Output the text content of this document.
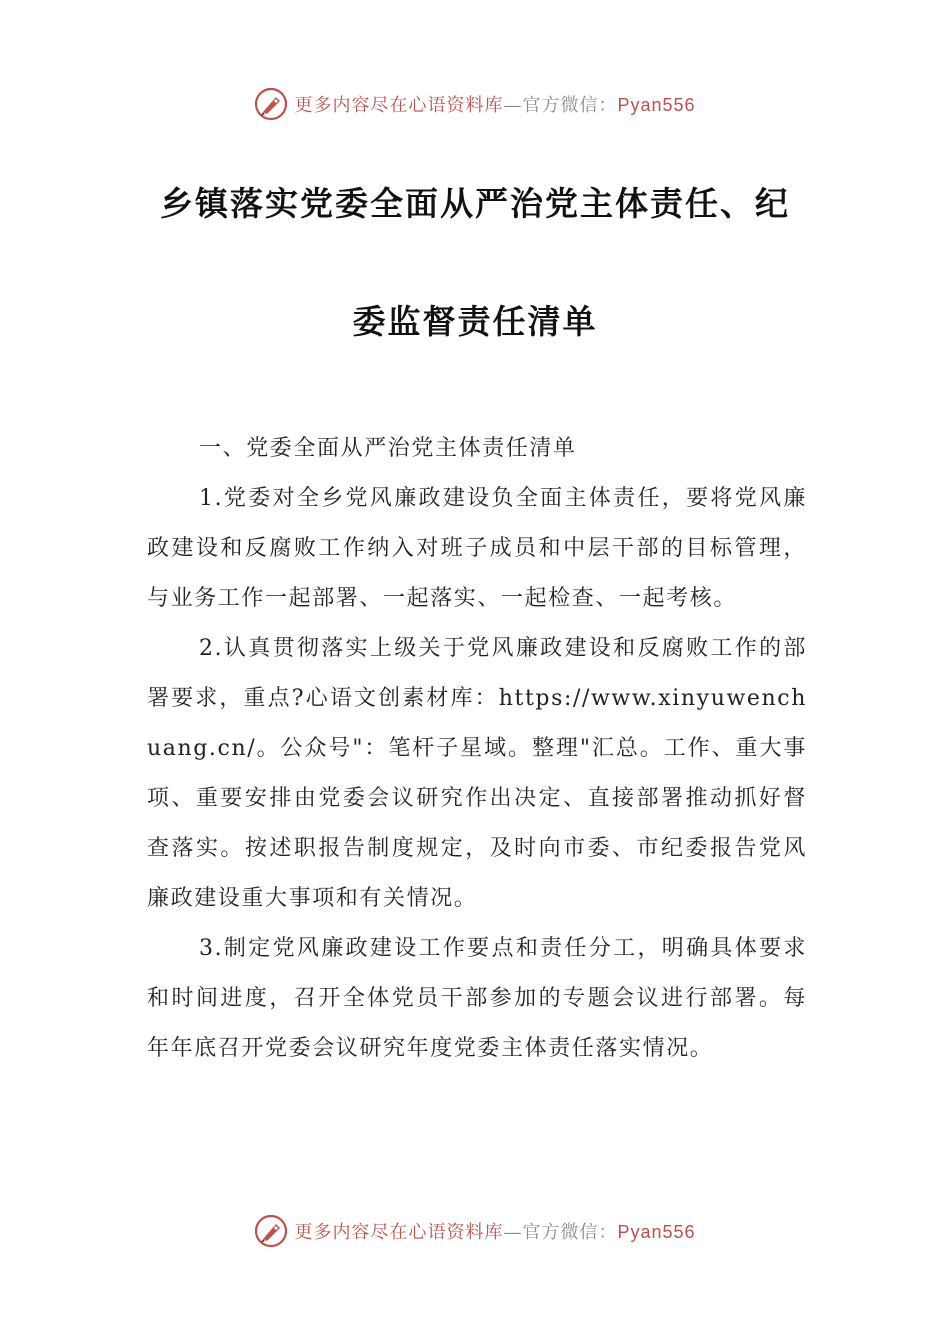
更多内容尽在心语资料库—官方微信：Pyan556
乡镇落实党委全面从严治党主体责任、纪
委监督责任清单
一、党委全面从严治党主体责任清单

1.党委对全乡党风廉政建设负全面主体责任，要将党风廉政建设和反腐败工作纳入对班子成员和中层干部的目标管理，与业务工作一起部署、一起落实、一起检查、一起考核。

2.认真贯彻落实上级关于党风廉政建设和反腐败工作的部署要求，重点?心语文创素材库：https://www.xinyuwenchuang.cn/。公众号"：笔杆子星域。整理"汇总。工作、重大事项、重要安排由党委会议研究作出决定、直接部署推动抓好督查落实。按述职报告制度规定，及时向市委、市纪委报告党风廉政建设重大事项和有关情况。

3.制定党风廉政建设工作要点和责任分工，明确具体要求和时间进度，召开全体党员干部参加的专题会议进行部署。每年年底召开党委会议研究年度党委主体责任落实情况。

更多内容尽在心语资料库—官方微信：Pyan556
